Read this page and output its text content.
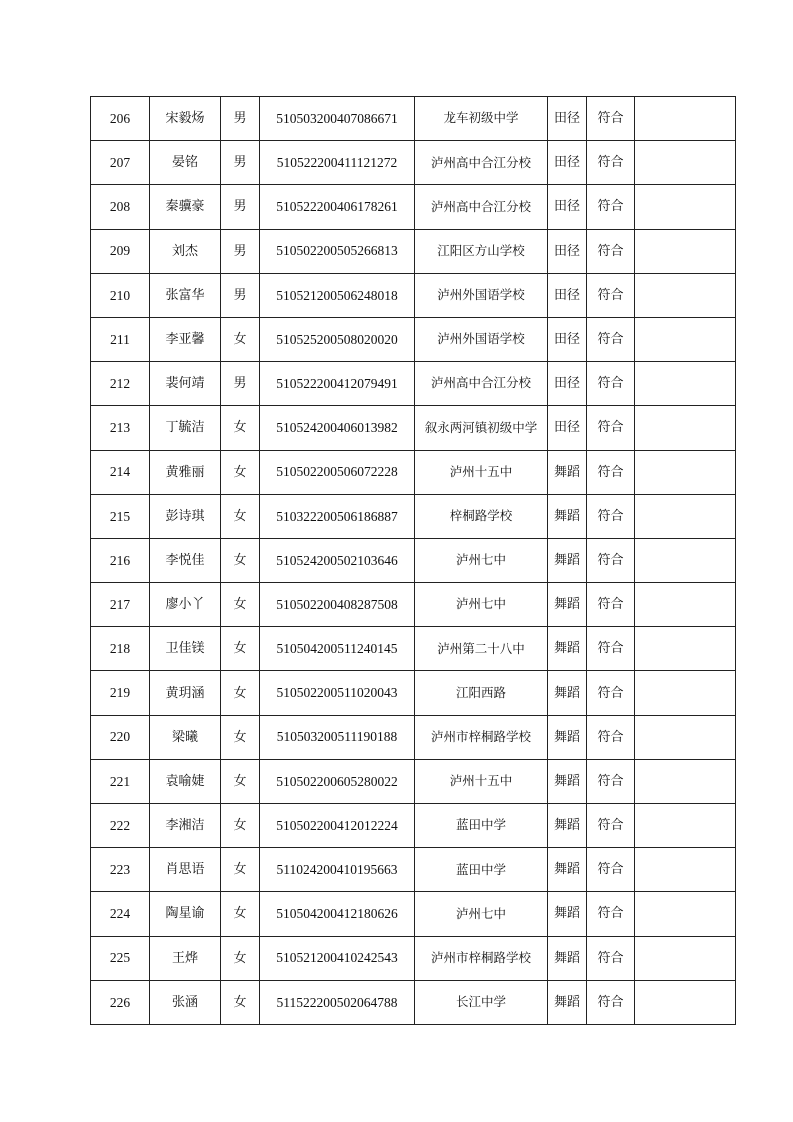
206	宋毅炀	男	510503200407086671	龙车初级中学	田径	符合	
207	晏铭	男	510522200411121272	泸州高中合江分校	田径	符合	
208	秦骥豪	男	510522200406178261	泸州高中合江分校	田径	符合	
209	刘杰	男	510502200505266813	江阳区方山学校	田径	符合	
210	张富华	男	510521200506248018	泸州外国语学校	田径	符合	
211	李亚馨	女	510525200508020020	泸州外国语学校	田径	符合	
212	裴何靖	男	510522200412079491	泸州高中合江分校	田径	符合	
213	丁毓洁	女	510524200406013982	叙永两河镇初级中学	田径	符合	
214	黄雅丽	女	510502200506072228	泸州十五中	舞蹈	符合	
215	彭诗琪	女	510322200506186887	梓桐路学校	舞蹈	符合	
216	李悦佳	女	510524200502103646	泸州七中	舞蹈	符合	
217	廖小丫	女	510502200408287508	泸州七中	舞蹈	符合	
218	卫佳镁	女	510504200511240145	泸州第二十八中	舞蹈	符合	
219	黄玥涵	女	510502200511020043	江阳西路	舞蹈	符合	
220	梁曦	女	510503200511190188	泸州市梓桐路学校	舞蹈	符合	
221	袁喻婕	女	510502200605280022	泸州十五中	舞蹈	符合	
222	李湘洁	女	510502200412012224	蓝田中学	舞蹈	符合	
223	肖思语	女	511024200410195663	蓝田中学	舞蹈	符合	
224	陶星谕	女	510504200412180626	泸州七中	舞蹈	符合	
225	王烨	女	510521200410242543	泸州市梓桐路学校	舞蹈	符合	
226	张涵	女	511522200502064788	长江中学	舞蹈	符合	
